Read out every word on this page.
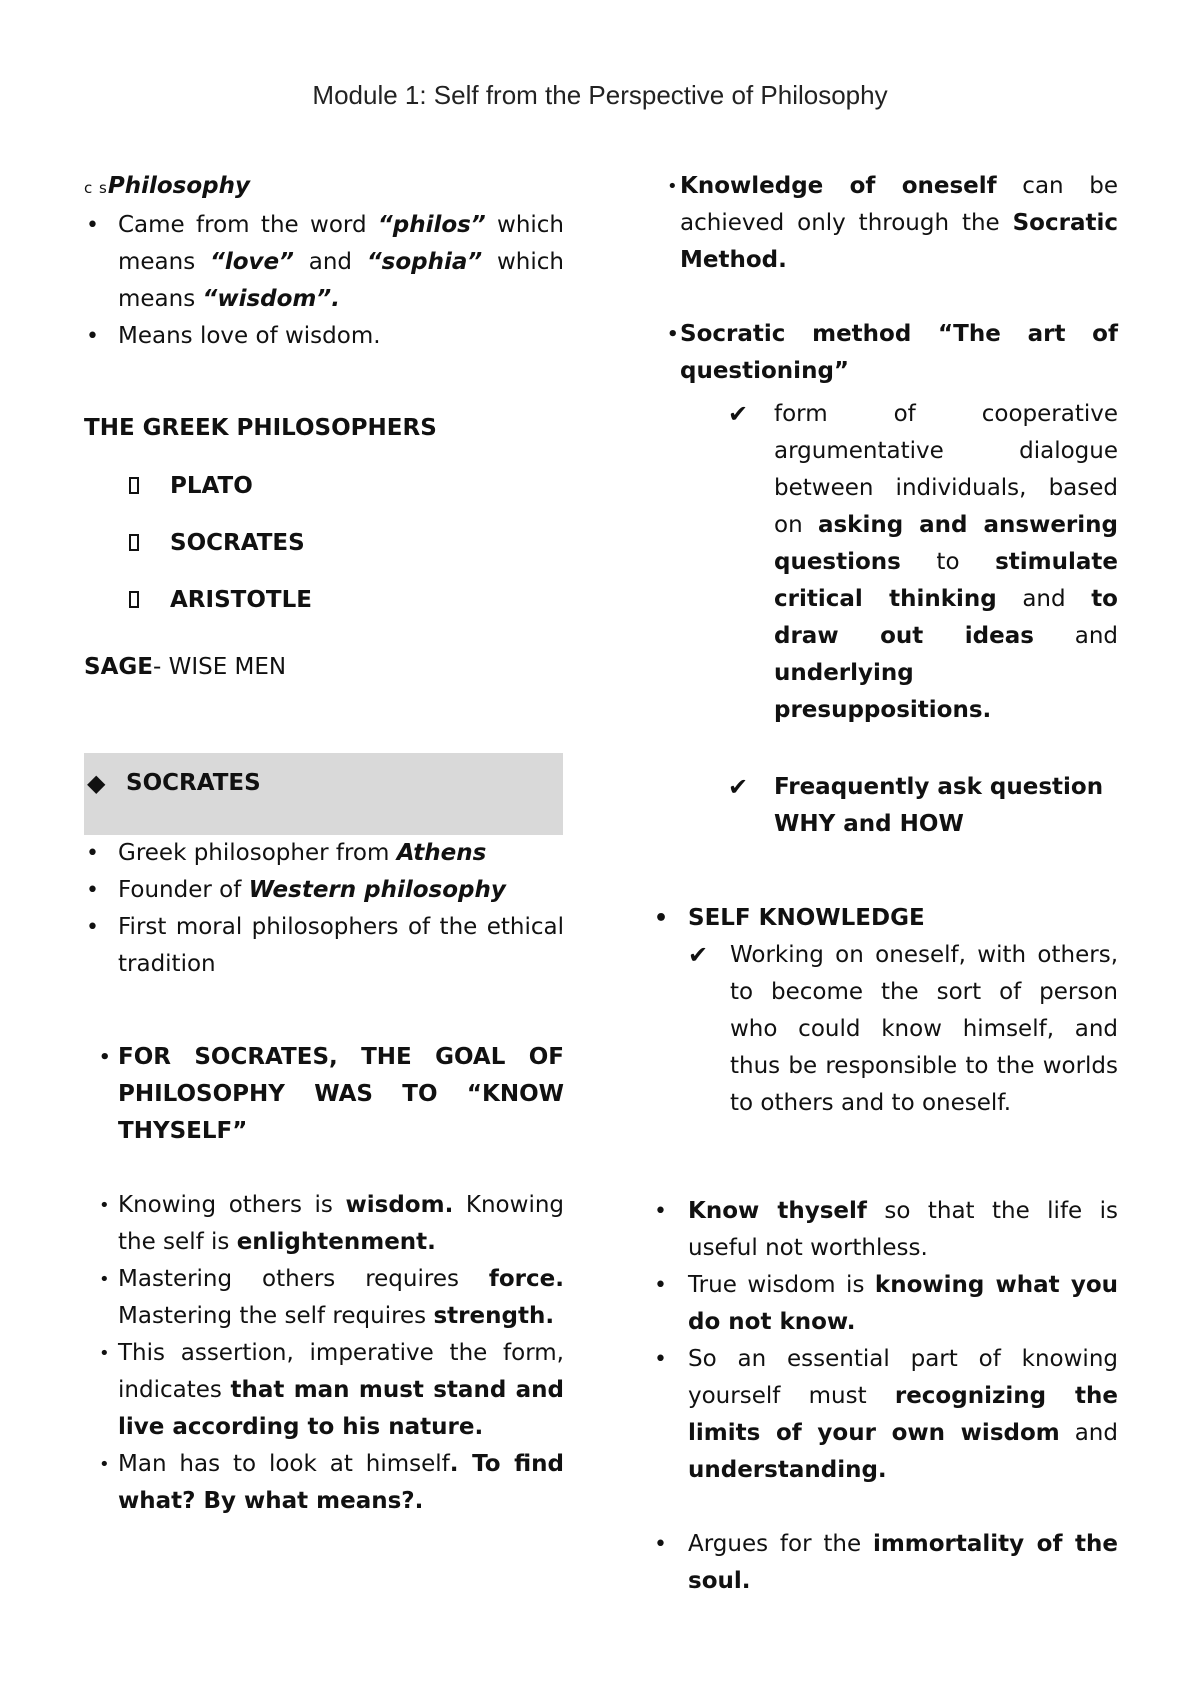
Module 1: Self from the Perspective of Philosophy

c sPhilosophy

• Came from the word “philos” which means “love” and “sophia” which means “wisdom”.

• Means love of wisdom.

THE GREEK PHILOSOPHERS

PLATO

SOCRATES

ARISTOTLE

SAGE- WISE MEN

◆ SOCRATES

• Greek philosopher from Athens

• Founder of Western philosophy

• First moral philosophers of the ethical tradition

• FOR SOCRATES, THE GOAL OF PHILOSOPHY WAS TO “KNOW THYSELF”

• Knowing others is wisdom. Knowing the self is enlightenment.

• Mastering others requires force. Mastering the self requires strength.

• This assertion, imperative the form, indicates that man must stand and live according to his nature.

• Man has to look at himself. To find what? By what means?.

• Knowledge of oneself can be achieved only through the Socratic Method.

• Socratic method “The art of questioning”

✔ form of cooperative argumentative dialogue between individuals, based on asking and answering questions to stimulate critical thinking and to draw out ideas and underlying presuppositions.

✔ Freaquently ask question
WHY and HOW

• SELF KNOWLEDGE

✔ Working on oneself, with others, to become the sort of person who could know himself, and thus be responsible to the worlds to others and to oneself.

• Know thyself so that the life is useful not worthless.

• True wisdom is knowing what you do not know.

• So an essential part of knowing yourself must recognizing the limits of your own wisdom and understanding.

• Argues for the immortality of the soul.
